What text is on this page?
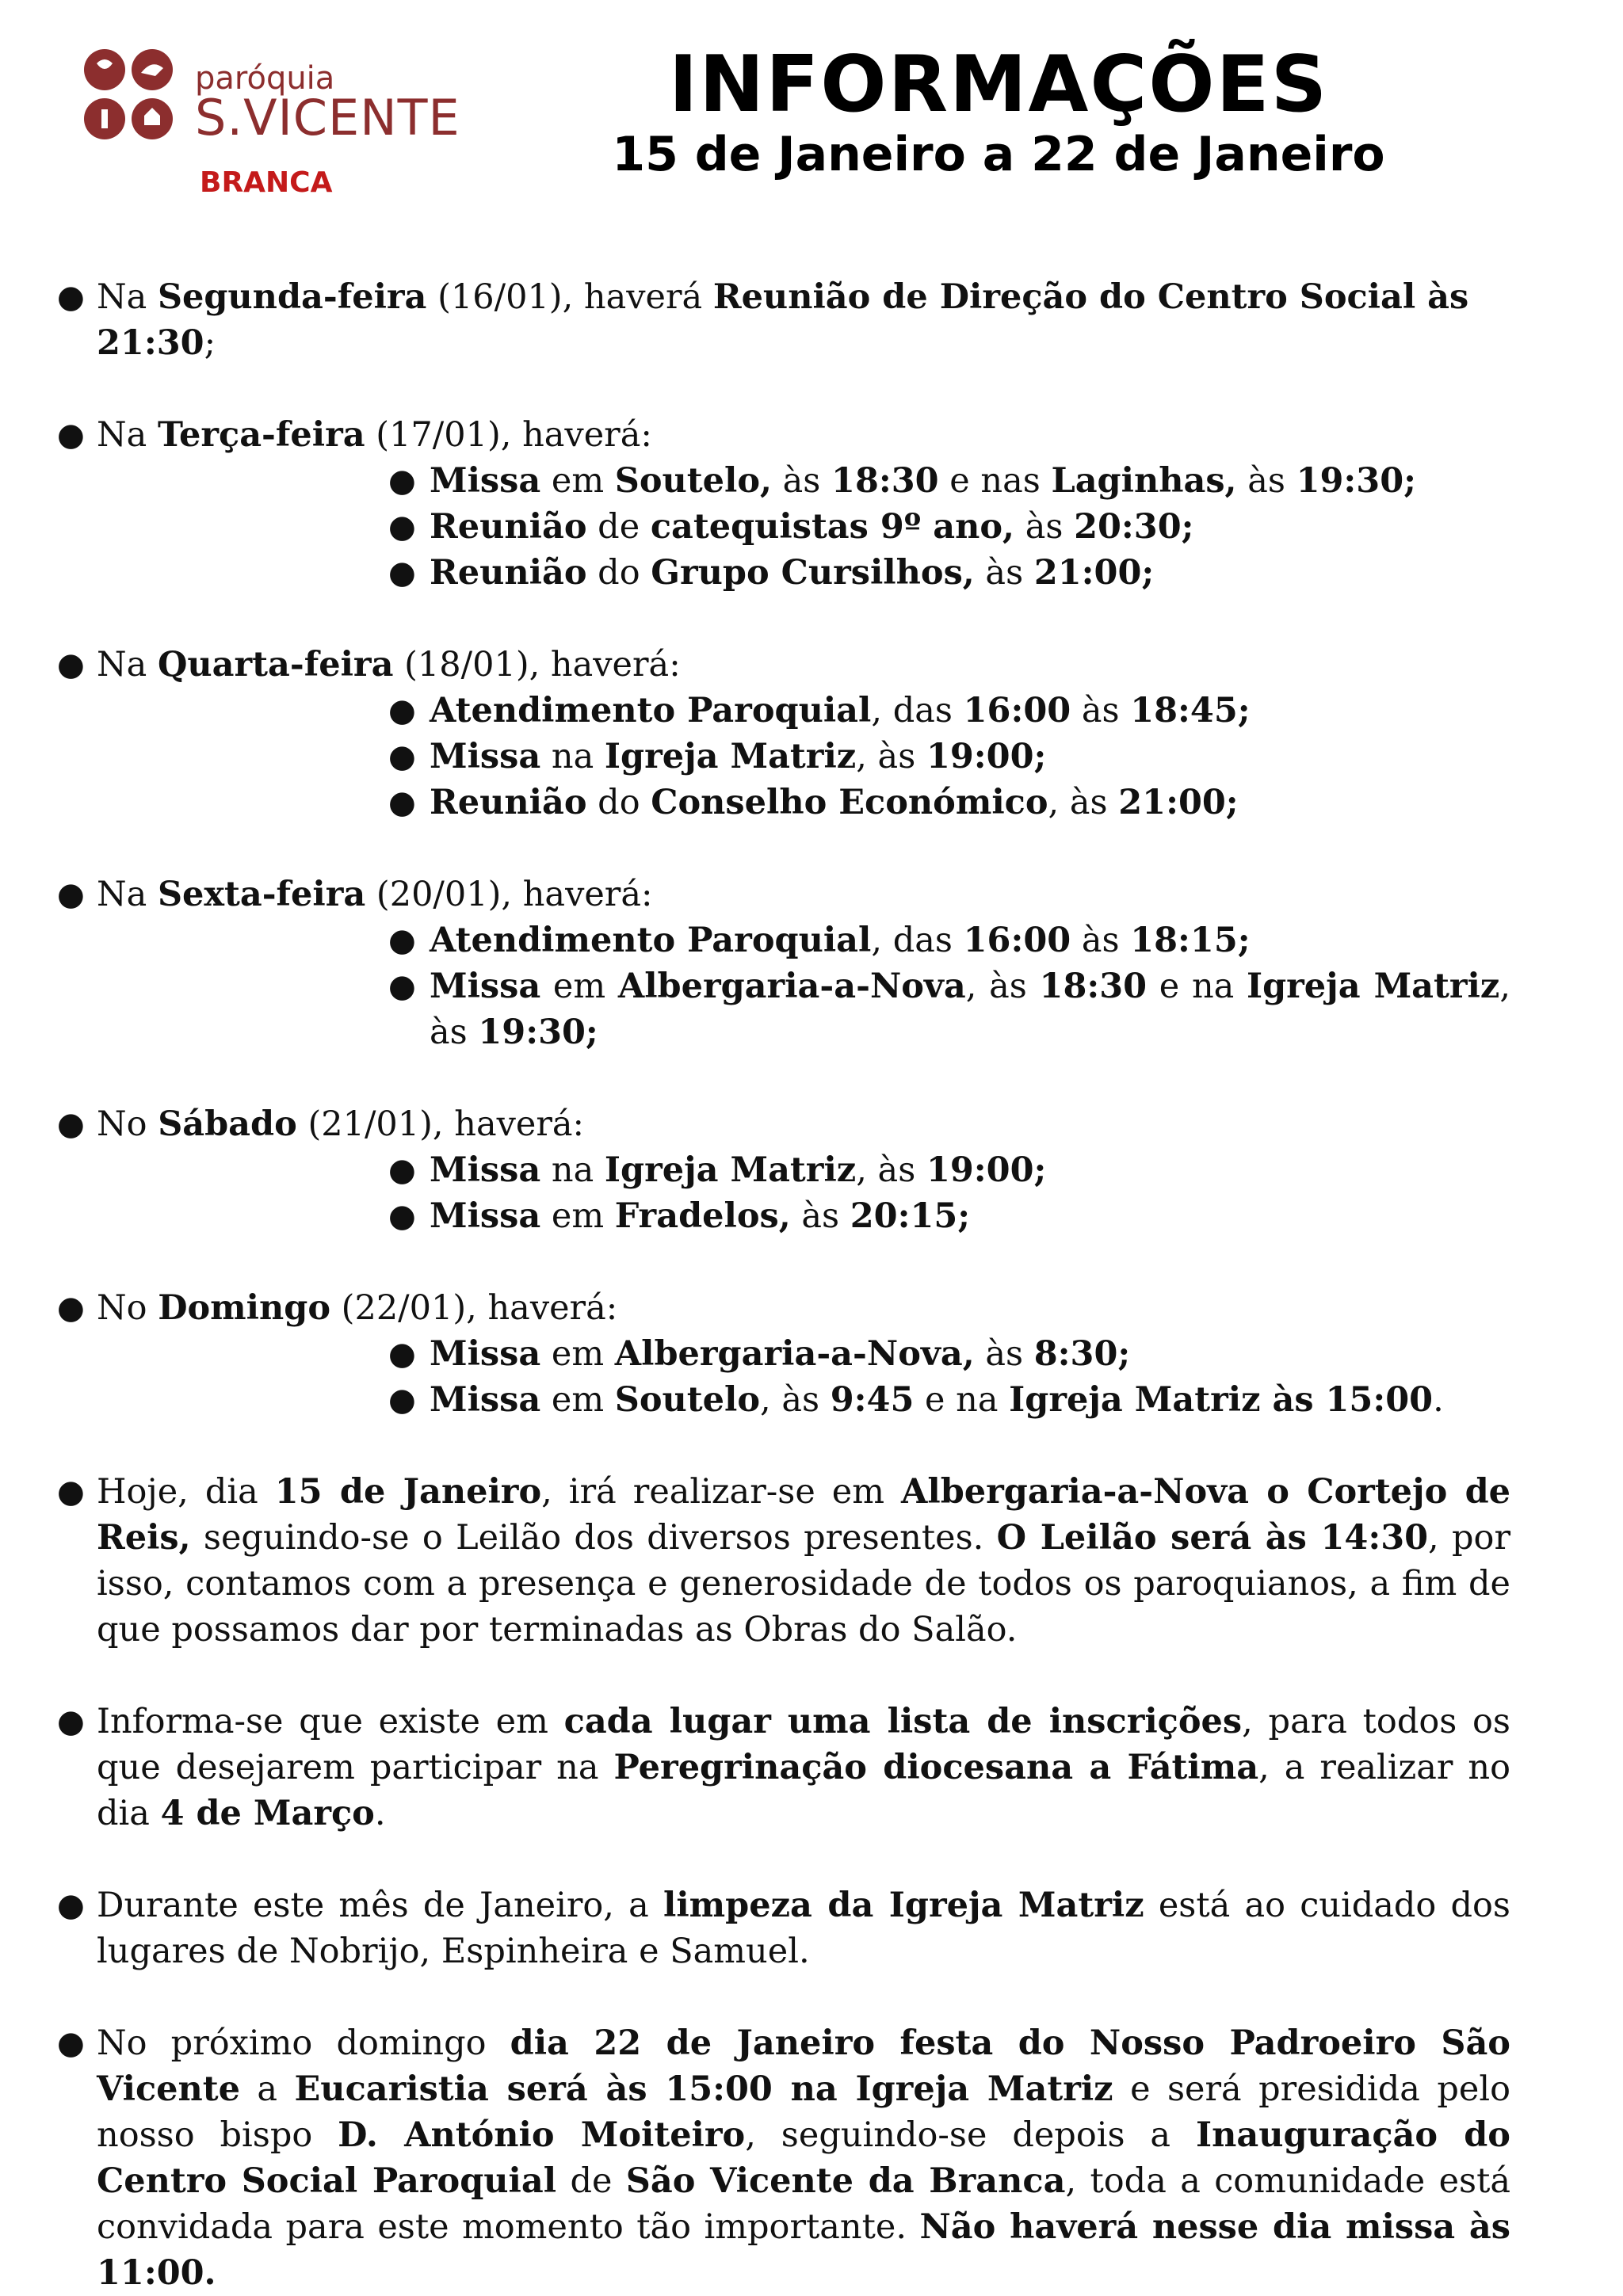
paróquia
S.VICENTE
BRANCA
INFORMAÇÕES
15 de Janeiro a 22 de Janeiro
● Na Segunda-feira (16/01), haverá Reunião de Direção do Centro Social às 21:30;
● Na Terça-feira (17/01), haverá:
● Missa em Soutelo, às 18:30 e nas Laginhas, às 19:30;
● Reunião de catequistas 9º ano, às 20:30;
● Reunião do Grupo Cursilhos, às 21:00;
● Na Quarta-feira (18/01), haverá:
● Atendimento Paroquial, das 16:00 às 18:45;
● Missa na Igreja Matriz, às 19:00;
● Reunião do Conselho Económico, às 21:00;
● Na Sexta-feira (20/01), haverá:
● Atendimento Paroquial, das 16:00 às 18:15;
● Missa em Albergaria-a-Nova, às 18:30 e na Igreja Matriz, às 19:30;
● No Sábado (21/01), haverá:
● Missa na Igreja Matriz, às 19:00;
● Missa em Fradelos, às 20:15;
● No Domingo (22/01), haverá:
● Missa em Albergaria-a-Nova, às 8:30;
● Missa em Soutelo, às 9:45 e na Igreja Matriz às 15:00.
● Hoje, dia 15 de Janeiro, irá realizar-se em Albergaria-a-Nova o Cortejo de Reis, seguindo-se o Leilão dos diversos presentes. O Leilão será às 14:30, por isso, contamos com a presença e generosidade de todos os paroquianos, a fim de que possamos dar por terminadas as Obras do Salão.
● Informa-se que existe em cada lugar uma lista de inscrições, para todos os que desejarem participar na Peregrinação diocesana a Fátima, a realizar no dia 4 de Março.
● Durante este mês de Janeiro, a limpeza da Igreja Matriz está ao cuidado dos lugares de Nobrijo, Espinheira e Samuel.
● No próximo domingo dia 22 de Janeiro festa do Nosso Padroeiro São Vicente a Eucaristia será às 15:00 na Igreja Matriz e será presidida pelo nosso bispo D. António Moiteiro, seguindo-se depois a Inauguração do Centro Social Paroquial de São Vicente da Branca, toda a comunidade está convidada para este momento tão importante. Não haverá nesse dia missa às 11:00.
